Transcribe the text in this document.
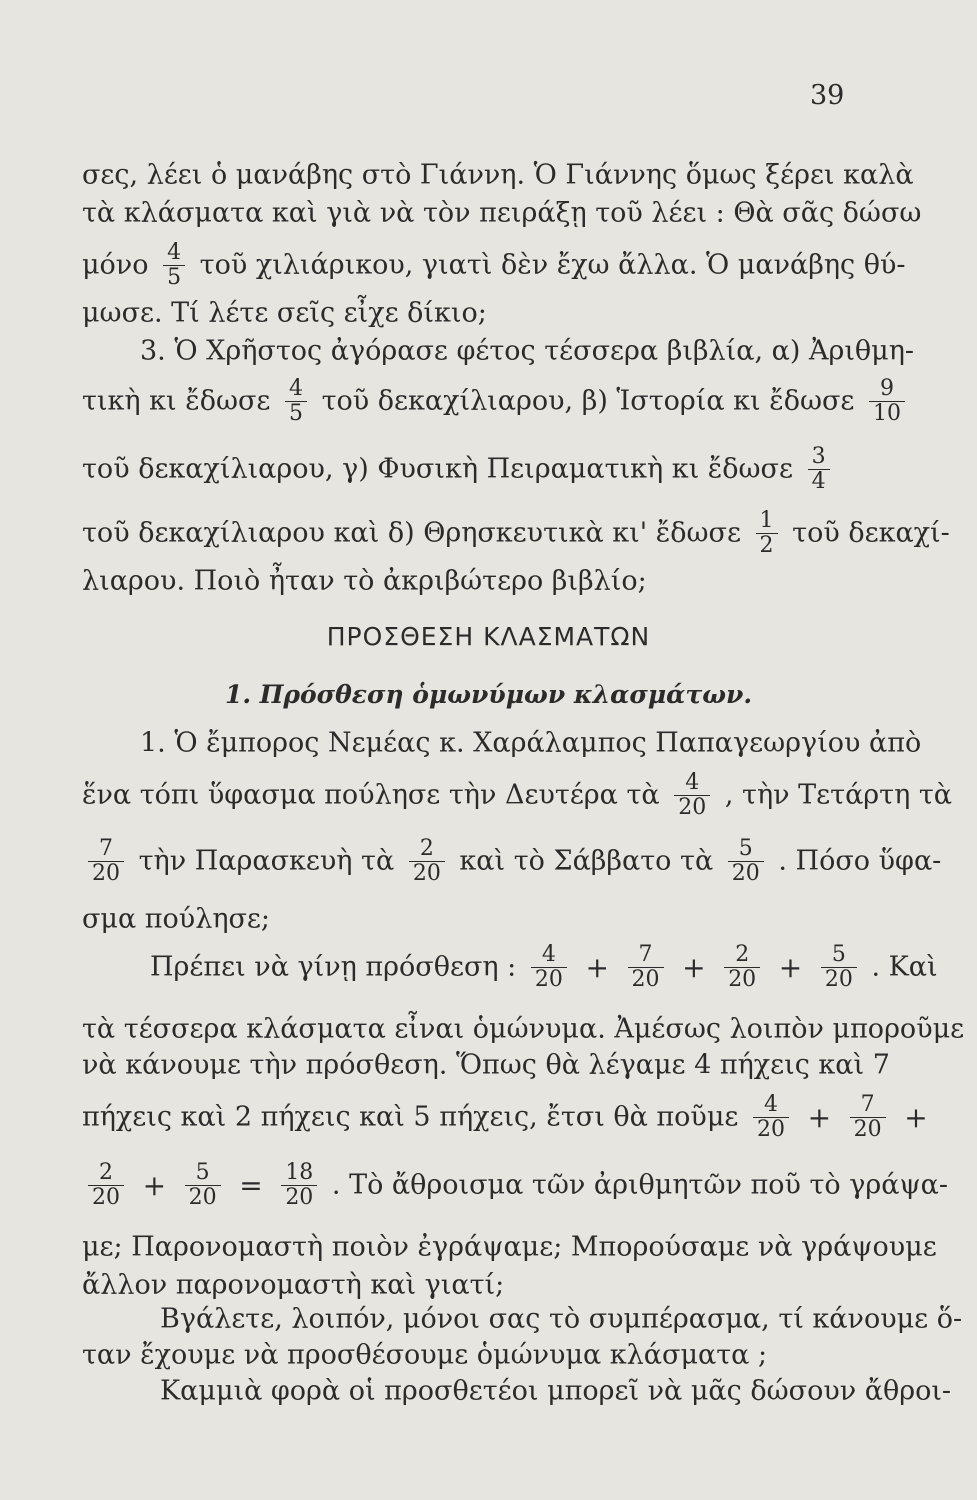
39
σες, λέει ὁ μανάβης στὸ Γιάννη. Ὁ Γιάννης ὅμως ξέρει καλὰ
τὰ κλάσματα καὶ γιὰ νὰ τὸν πειράξῃ τοῦ λέει : Θὰ σᾶς δώσω
μόνο $\frac{4}{5}$ τοῦ χιλιάρικου, γιατὶ δὲν ἔχω ἄλλα. Ὁ μανάβης θύ-
μωσε. Τί λέτε σεῖς εἶχε δίκιο;
3. Ὁ Χρῆστος ἀγόρασε φέτος τέσσερα βιβλία, α) Ἀριθμη-
τικὴ κι ἔδωσε $\frac{4}{5}$ τοῦ δεκαχίλιαρου, β) Ἱστορία κι ἔδωσε $\frac{9}{10}$
τοῦ δεκαχίλιαρου, γ) Φυσικὴ Πειραματικὴ κι ἔδωσε $\frac{3}{4}$
τοῦ δεκαχίλιαρου καὶ δ) Θρησκευτικὰ κι' ἔδωσε $\frac{1}{2}$ τοῦ δεκαχί-
λιαρου. Ποιὸ ἦταν τὸ ἀκριβώτερο βιβλίο;
ΠΡΟΣΘΕΣΗ ΚΛΑΣΜΑΤΩΝ
1. Πρόσθεση ὁμωνύμων κλασμάτων.
1. Ὁ ἔμπορος Νεμέας κ. Χαράλαμπος Παπαγεωργίου ἀπὸ
ἕνα τόπι ὕφασμα πούλησε τὴν Δευτέρα τὰ $\frac{4}{20}$ , τὴν Τετάρτη τὰ
$\frac{7}{20}$ τὴν Παρασκευὴ τὰ $\frac{2}{20}$ καὶ τὸ Σάββατο τὰ $\frac{5}{20}$ . Πόσο ὕφα-
σμα πούλησε;
Πρέπει νὰ γίνῃ πρόσθεση : $\frac{4}{20} + \frac{7}{20} + \frac{2}{20} + \frac{5}{20}$ . Καὶ
τὰ τέσσερα κλάσματα εἶναι ὁμώνυμα. Ἀμέσως λοιπὸν μποροῦμε
νὰ κάνουμε τὴν πρόσθεση. Ὅπως θὰ λέγαμε 4 πήχεις καὶ 7
πήχεις καὶ 2 πήχεις καὶ 5 πήχεις, ἔτσι θὰ ποῦμε $\frac{4}{20} + \frac{7}{20}$ +
$\frac{2}{20} + \frac{5}{20} = \frac{18}{20}$ . Τὸ ἄθροισμα τῶν ἀριθμητῶν ποῦ τὸ γράψα-
με; Παρονομαστὴ ποιὸν ἐγράψαμε; Μπορούσαμε νὰ γράψουμε
ἄλλον παρονομαστὴ καὶ γιατί;
Βγάλετε, λοιπόν, μόνοι σας τὸ συμπέρασμα, τί κάνουμε ὅ-
ταν ἔχουμε νὰ προσθέσουμε ὁμώνυμα κλάσματα ;
Καμμιὰ φορὰ οἱ προσθετέοι μπορεῖ νὰ μᾶς δώσουν ἄθροι-
